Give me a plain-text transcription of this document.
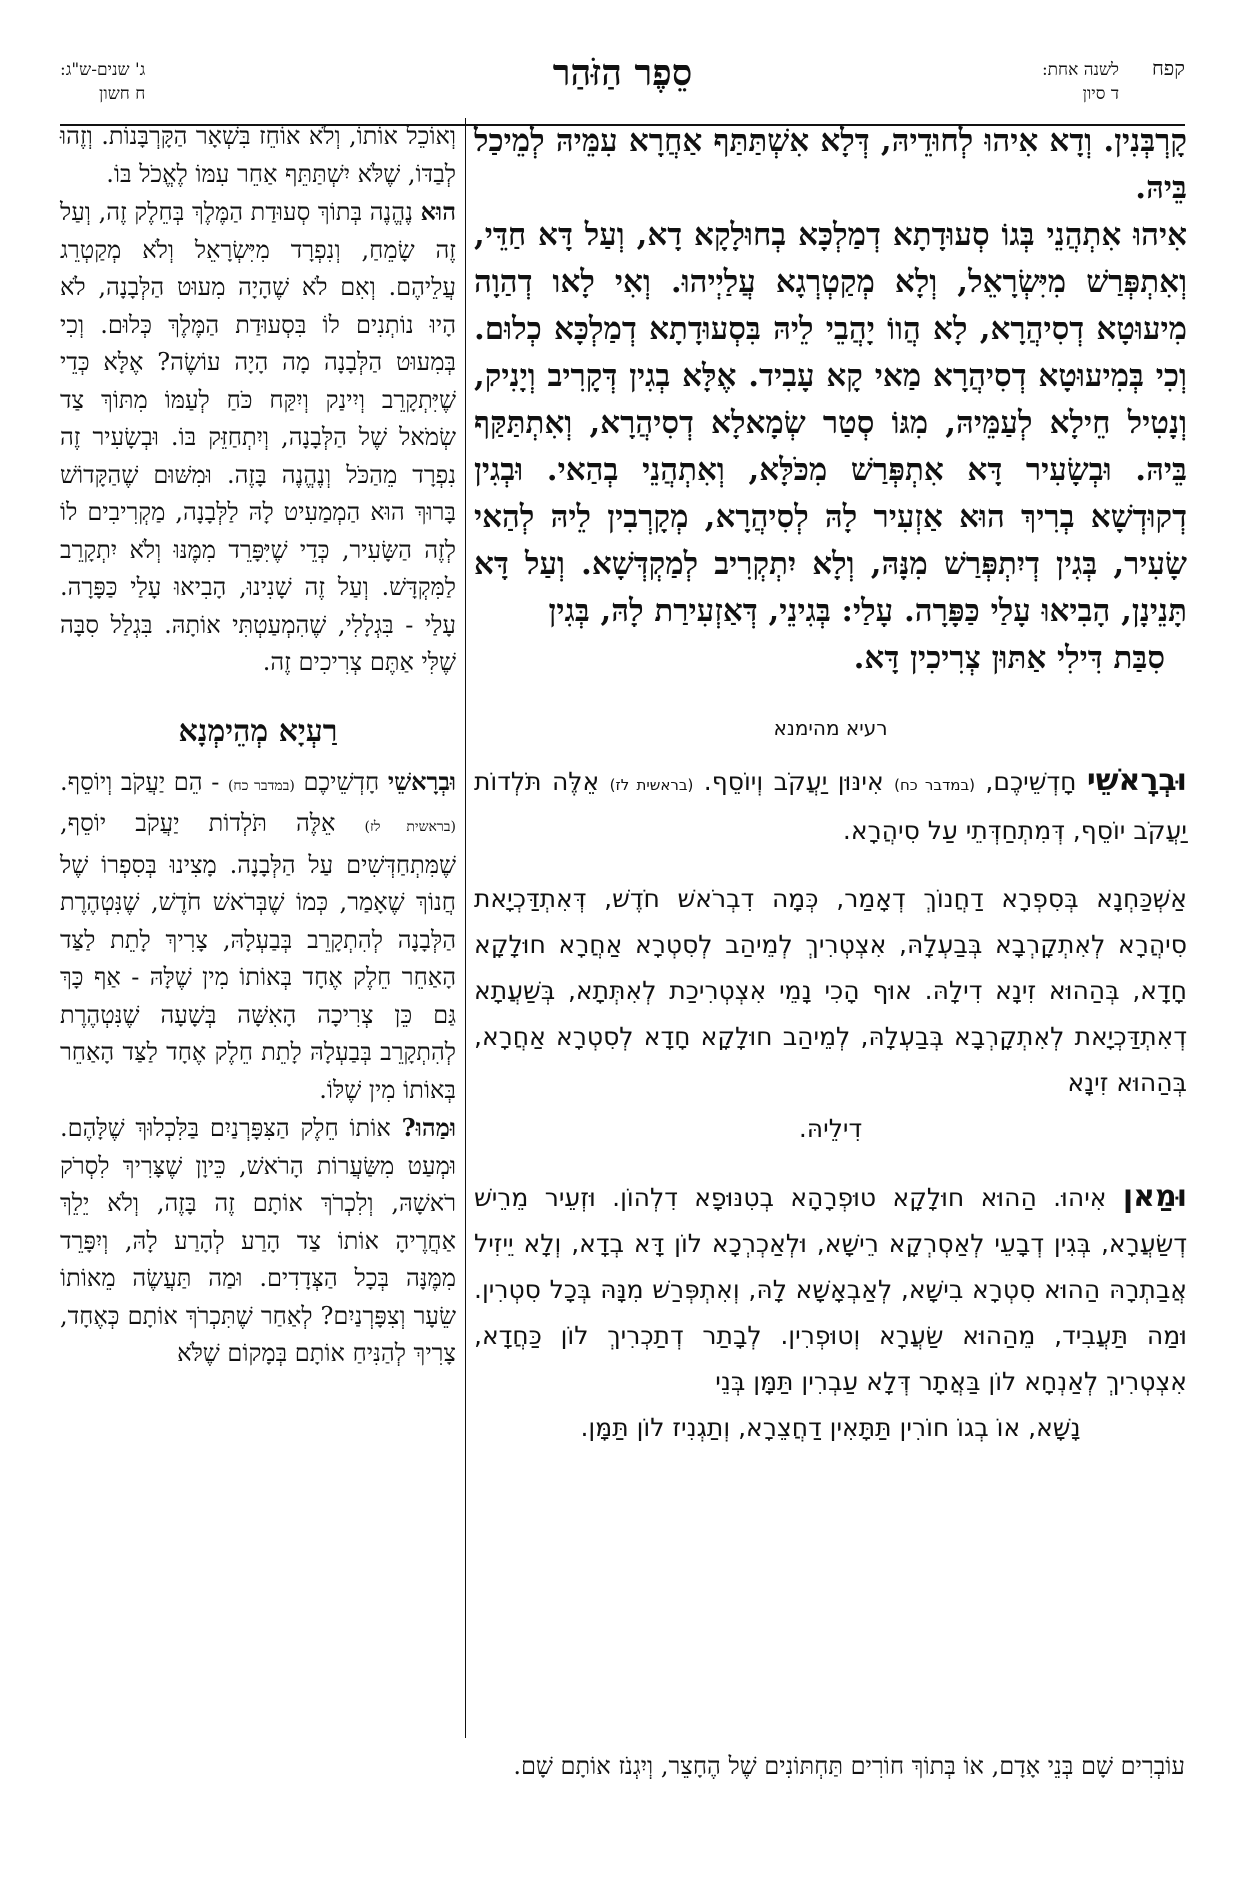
קפח
לשנה אחת:
ד סיון
סֵפֶר הַזֹּהַר
ג' שנים-ש"ג:
ח חשון

קָרְבְּנִין. וְדָא אִיהוּ לְחוּדֵיהּ, דְּלָא אִשְׁתַּתַּף אַחֲרָא עִמֵּיהּ לְמֵיכַל בֵּיהּ.

אִיהוּ אִתְהֲנֵי בְּגוֹ סְעוּדָתָא דְמַלְכָּא בְחוּלָקָא דָא, וְעַל דָּא חַדֵּי, וְאִתְפְּרַשׁ מִיִּשְׂרָאֵל, וְלָא מְקַטְרְגָא עֲלַיְיהוּ. וְאִי לָאו דְהַוָה מִיעוּטָא דְסִיהֲרָא, לָא הֲווֹ יָהֲבֵי לֵיהּ בִּסְעוּדָתָא דְמַלְכָּא כְלוּם. וְכִי בְּמִיעוּטָא דְסִיהֲרָא מַאי קָא עָבִיד. אֶלָּא בְגִין דְּקָרִיב וְיָנִיק, וְנָטִיל חֵילָא לְעַמֵּיהּ, מִגּוֹ סְטַר שְׂמָאלָא דְסִיהֲרָא, וְאִתְתַּקַּף בֵּיהּ. וּבְשָׂעִיר דָּא אִתְפְּרַשׁ מִכֹּלָּא, וְאִתְהֲנֵי בְהַאי. וּבְגִין דְקוּדְשָׁא בְרִיךְ הוּא אַזְעִיר לָהּ לְסִיהֲרָא, מְקָרְבִין לֵיהּ לְהַאי שָׂעִיר, בְּגִין דְיִתְפְּרַשׁ מִנָּהּ, וְלָא יִתְקְרִיב לְמַקְדְּשָׁא. וְעַל דָּא תָּנֵינָן, הָבִיאוּ עָלַי כַּפָּרָה. עָלַי: בְּגִינֵי, דְּאַזְעִירַת לָהּ, בְּגִין
סִבַּת דִּילִי אַתּוּן צְרִיכִין דָּא.

רעיא מהימנא

וּבְרָאשֵׁי חָדְשֵׁיכֶם, (במדבר כח) אִינּוּן יַעֲקֹב וְיוֹסֵף. (בראשית לז) אֵלֶּה תֹּלְדוֹת יַעֲקֹב יוֹסֵף, דְּמִתְחַדְּתֵי עַל סִיהֲרָא.

אַשְׁכַּחְנָא בְּסִפְרָא דַחֲנוֹךְ דְאָמַר, כְּמָה דִבְרֹאשׁ חֹדֶשׁ, דְּאִתְדַּכְיָאת סִיהֲרָא לְאִתְקָרְבָא בְּבַעְלָהּ, אִצְטְרִיךְ לְמֵיהַב לְסִטְרָא אַחֲרָא חוּלָקָא חָדָא, בְּהַהוּא זִינָא דִילָהּ. אוּף הָכִי נָמֵי אִצְטְרִיכַת לְאִתְּתָא, בְּשַׁעֲתָא דְאִתְדַּכְיָאת לְאִתְקָרְבָא בְּבַעְלָהּ, לְמֵיהַב חוּלָקָא חָדָא לְסִטְרָא אַחֲרָא, בְּהַהוּא זִינָא
דִילֵיהּ.

וּמַאן אִיהוּ. הַהוּא חוּלָקָא טוּפְרָהָא בְטִנּוּפָא דִלְהוֹן. וּזְעֵיר מֵרֵישׁ דְשַׂעֲרָא, בְּגִין דְבָעֵי לְאַסְרְקָא רֵישָׁא, וּלְאַכְרְכָא לוֹן דָּא בְדָא, וְלָא יֵיזִיל אֲבַתְרָהּ הַהוּא סִטְרָא בִישָׁא, לְאַבְאָשָׁא לָהּ, וְאִתְפְּרַשׁ מִנָּהּ בְּכָל סִטְרִין. וּמַה תַּעֲבִיד, מֵהַהוּא שַׂעֲרָא וְטוּפְרִין. לְבָתַר דְתַכְרִיךְ לוֹן כַּחֲדָא, אִצְטְרִיךְ לְאַנְחָא לוֹן בַּאֲתָר דְּלָא עַבְרִין תַּמָּן בְּנֵי
נָשָׁא, אוֹ בְגוֹ חוֹרִין תַּתָּאִין דַחֲצֵרָא, וְתַגְנִיז לוֹן תַּמָּן.

וְאוֹכֵל אוֹתוֹ, וְלֹא אוֹחֵז בִּשְׁאָר הַקָּרְבָּנוֹת. וְזֶהוּ לְבַדּוֹ, שֶׁלֹּא יִשְׁתַּתֵּף אַחֵר עִמּוֹ לֶאֱכֹל בּוֹ.

הוּא נֶהֱנֶה בְּתוֹךְ סְעוּדַת הַמֶּלֶךְ בְּחֵלֶק זֶה, וְעַל זֶה שָׂמֵחַ, וְנִפְרָד מִיִּשְׂרָאֵל וְלֹא מְקַטְרֵג עֲלֵיהֶם. וְאִם לֹא שֶׁהָיָה מִעוּט הַלְּבָנָה, לֹא הָיוּ נוֹתְנִים לוֹ בִּסְעוּדַת הַמֶּלֶךְ כְּלוּם. וְכִי בְּמִעוּט הַלְּבָנָה מָה הָיָה עוֹשֶׂה? אֶלָּא כְּדֵי שֶׁיִּתְקָרֵב וְיִינַק וְיִקַּח כֹּחַ לְעַמּוֹ מִתּוֹךְ צַד שְׂמֹאל שֶׁל הַלְּבָנָה, וְיִתְחַזֵּק בּוֹ. וּבְשָׂעִיר זֶה נִפְרָד מֵהַכֹּל וְנֶהֱנֶה בָּזֶה. וּמִשּׁוּם שֶׁהַקָּדוֹשׁ בָּרוּךְ הוּא הַמְמַעִיט לָהּ לַלְּבָנָה, מַקְרִיבִים לוֹ לְזֶה הַשָּׂעִיר, כְּדֵי שֶׁיִּפָּרֵד מִמֶּנּוּ וְלֹא יִתְקָרֵב לַמִּקְדָּשׁ. וְעַל זֶה שָׁנִינוּ, הָבִיאוּ עָלַי כַּפָּרָה. עָלַי - בִּגְלָלִי, שֶׁהִמְעַטְתִּי אוֹתָהּ. בִּגְלַל סִבָּה שֶׁלִּי אַתֶּם צְרִיכִים זֶה.

רַעְיָא מְהֵימְנָא

וּבְרָאשֵׁי חָדְשֵׁיכֶם (במדבר כח) - הֵם יַעֲקֹב וְיוֹסֵף. (בראשית לז) אֵלֶּה תֹּלְדוֹת יַעֲקֹב יוֹסֵף, שֶׁמִּתְחַדְּשִׁים עַל הַלְּבָנָה. מָצִינוּ בְּסִפְרוֹ שֶׁל חֲנוֹךְ שֶׁאָמַר, כְּמוֹ שֶׁבְּרֹאשׁ חֹדֶשׁ, שֶׁנִּטְהֶרֶת הַלְּבָנָה לְהִתְקָרֵב בְּבַעְלָהּ, צָרִיךְ לָתֵת לַצַּד הָאַחֵר חֵלֶק אֶחָד בְּאוֹתוֹ מִין שֶׁלָּהּ - אַף כָּךְ גַּם כֵּן צְרִיכָה הָאִשָּׁה בְּשָׁעָה שֶׁנִּטְהֶרֶת לְהִתְקָרֵב בְּבַעְלָהּ לָתֵת חֵלֶק אֶחָד לַצַּד הָאַחֵר בְּאוֹתוֹ מִין שֶׁלּוֹ.

וּמַהוּ? אוֹתוֹ חֵלֶק הַצִּפָּרְנַיִם בַּלִּכְלוּךְ שֶׁלָּהֶם. וּמְעַט מִשַּׂעֲרוֹת הָרֹאשׁ, כֵּיוָן שֶׁצָּרִיךְ לִסְרֹק רֹאשָׁהּ, וְלִכְרֹךְ אוֹתָם זֶה בָּזֶה, וְלֹא יֵלֵךְ אַחֲרֶיהָ אוֹתוֹ צַד הָרַע לְהָרַע לָהּ, וְיִפָּרֵד מִמֶּנָּה בְּכָל הַצְּדָדִים. וּמַה תַּעֲשֶׂה מֵאוֹתוֹ שֵׂעָר וְצִפָּרְנַיִם? לְאַחַר שֶׁתִּכְרֹךְ אוֹתָם כְּאֶחָד, צָרִיךְ לְהַנִּיחַ אוֹתָם בְּמָקוֹם שֶׁלֹּא

עוֹבְרִים שָׁם בְּנֵי אָדָם, אוֹ בְּתוֹךְ חוֹרִים תַּחְתּוֹנִים שֶׁל הֶחָצֵר, וְיִגְנֹז אוֹתָם שָׁם.
